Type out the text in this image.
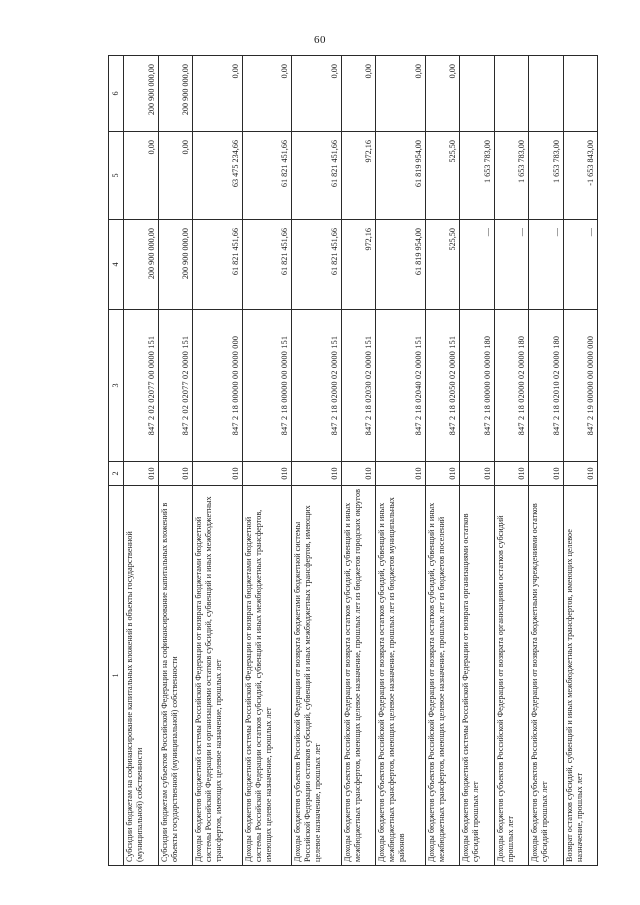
60
1	2	3	4	5	6
Субсидии бюджетам на софинансирование капитальных вложений в объекты государственной (муниципальной) собственности	010	847 2 02 02077 00 0000 151	200 900 000,00	0,00	200 900 000,00
Субсидии бюджетам субъектов Российской Федерации на софинансирование капитальных вложений в объекты государственной (муниципальной) собственности	010	847 2 02 02077 02 0000 151	200 900 000,00	0,00	200 900 000,00
Доходы бюджетов бюджетной системы Российской Федерации от возврата бюджетами бюджетной системы Российской Федерации и организациями остатков субсидий, субвенций и иных межбюджетных трансфертов, имеющих целевое назначение, прошлых лет	010	847 2 18 00000 00 0000 000	61 821 451,66	63 475 234,66	0,00
Доходы бюджетов бюджетной системы Российской Федерации от возврата бюджетами бюджетной системы Российской Федерации остатков субсидий, субвенций и иных межбюджетных трансфертов, имеющих целевое назначение, прошлых лет	010	847 2 18 00000 00 0000 151	61 821 451,66	61 821 451,66	0,00
Доходы бюджетов субъектов Российской Федерации от возврата бюджетами бюджетной системы Российской Федерации остатков субсидий, субвенций и иных межбюджетных трансфертов, имеющих целевое назначение, прошлых лет	010	847 2 18 02000 02 0000 151	61 821 451,66	61 821 451,66	0,00
Доходы бюджетов субъектов Российской Федерации от возврата остатков субсидий, субвенций и иных межбюджетных трансфертов, имеющих целевое назначение, прошлых лет из бюджетов городских округов	010	847 2 18 02030 02 0000 151	972,16	972,16	0,00
Доходы бюджетов субъектов Российской Федерации от возврата остатков субсидий, субвенций и иных межбюджетных трансфертов, имеющих целевое назначение, прошлых лет из бюджетов муниципальных районов	010	847 2 18 02040 02 0000 151	61 819 954,00	61 819 954,00	0,00
Доходы бюджетов субъектов Российской Федерации от возврата остатков субсидий, субвенций и иных межбюджетных трансфертов, имеющих целевое назначение, прошлых лет из бюджетов поселений	010	847 2 18 02050 02 0000 151	525,50	525,50	0,00
Доходы бюджетов бюджетной системы Российской Федерации от возврата организациями остатков субсидий прошлых лет	010	847 2 18 00000 00 0000 180	—	1 653 783,00	
Доходы бюджетов субъектов Российской Федерации от возврата организациями остатков субсидий прошлых лет	010	847 2 18 02000 02 0000 180	—	1 653 783,00	
Доходы бюджетов субъектов Российской Федерации от возврата бюджетными учреждениями остатков субсидий прошлых лет	010	847 2 18 02010 02 0000 180	—	1 653 783,00	
Возврат остатков субсидий, субвенций и иных межбюджетных трансфертов, имеющих целевое назначение, прошлых лет	010	847 2 19 00000 00 0000 000	—	-1 653 843,00	
